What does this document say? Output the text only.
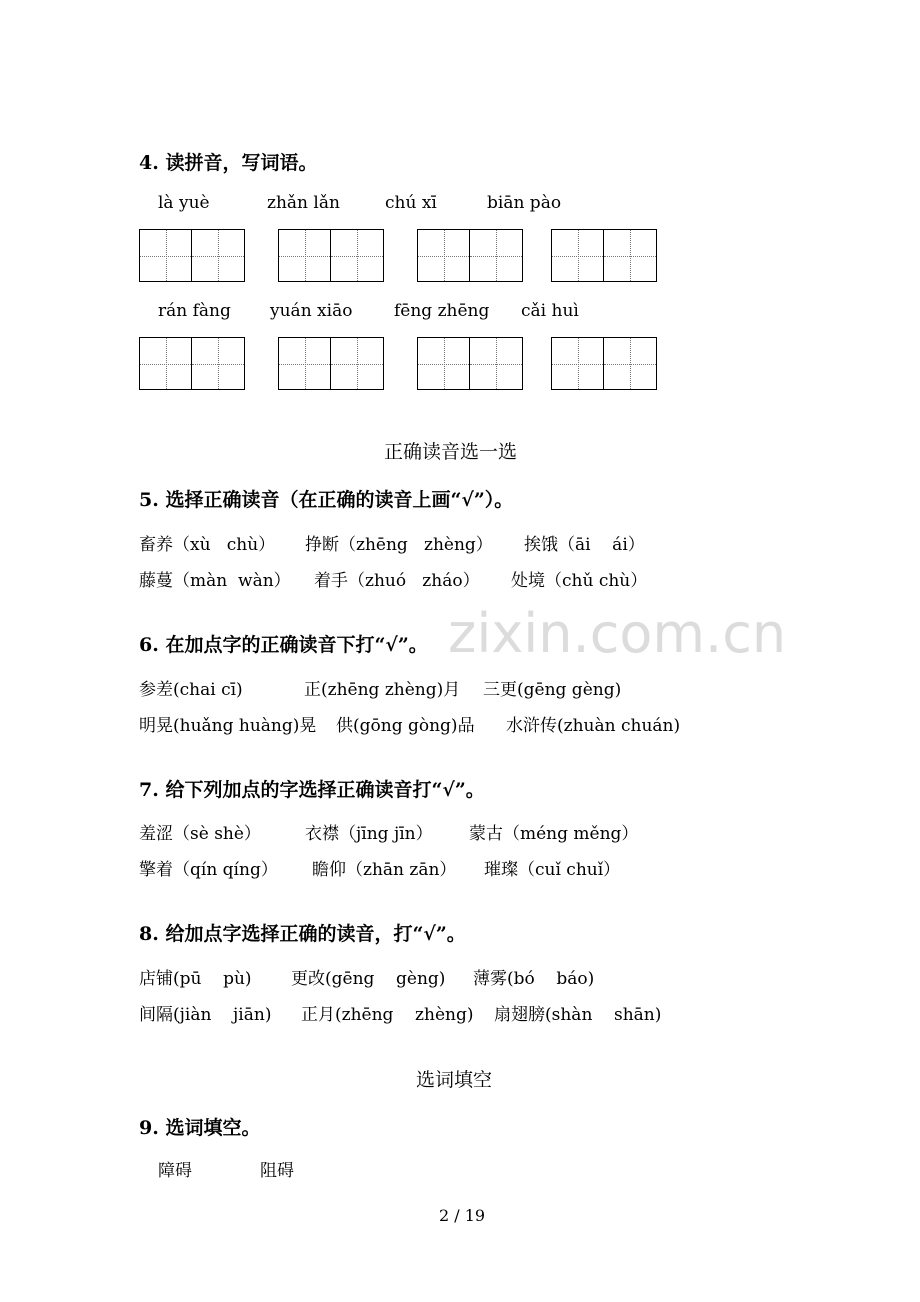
zixin.com.cn
4. 读拼音，写词语。
là yuè	zhǎn lǎn	chú xī	biān pào
rán fàng yuán xiāo fēng zhēng cǎi huì
正确读音选一选
5. 选择正确读音（在正确的读音上画“√”）。
畜养（xù   chù） 挣断（zhēng   zhèng） 挨饿（āi    ái）
藤蔓（màn  wàn） 着手（zhuó   zháo） 处境（chǔ chù）
6. 在加点字的正确读音下打“√”。
参差(chai cī)	正(zhēng zhèng)月 三更(gēng gèng)
明晃(huǎng huàng)晃 供(gōng gòng)品 水浒传(zhuàn chuán)
7. 给下列加点的字选择正确读音打“√”。
羞涩（sè shè）	衣襟（jīng jīn） 蒙古（méng měng）
擎着（qín qíng） 瞻仰（zhān zān） 璀璨（cuǐ chuǐ）
8. 给加点字选择正确的读音，打“√”。
店铺(pū    pù) 更改(gēng    gèng) 薄雾(bó    báo)
间隔(jiàn    jiān) 正月(zhēng    zhèng) 扇翅膀(shàn    shān)
选词填空
9. 选词填空。
障碍	阻碍
2 / 19
